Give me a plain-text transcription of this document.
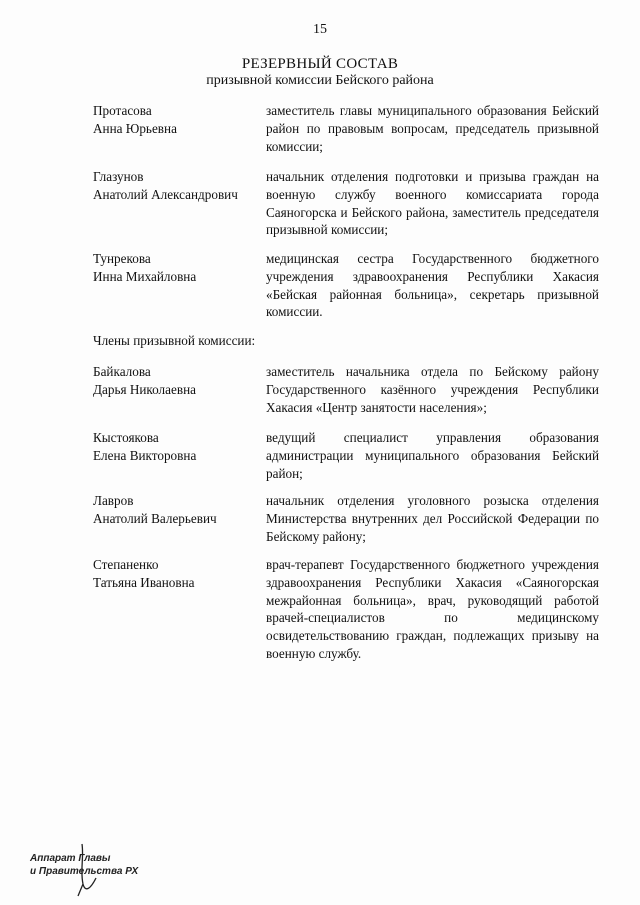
15
РЕЗЕРВНЫЙ СОСТАВ
призывной комиссии Бейского района
Протасова
Анна Юрьевна
заместитель главы муниципального образования Бейский район по правовым вопросам, председатель призывной комиссии;
Глазунов
Анатолий Александрович
начальник отделения подготовки и призыва граждан на военную службу военного комиссариата города Саяногорска и Бейского района, заместитель председателя призывной комиссии;
Тунрекова
Инна Михайловна
медицинская сестра Государственного бюджетного учреждения здравоохранения Республики Хакасия «Бейская районная больница», секретарь призывной комиссии.
Члены призывной комиссии:
Байкалова
Дарья Николаевна
заместитель начальника отдела по Бейскому району Государственного казённого учреждения Республики Хакасия «Центр занятости населения»;
Кыстоякова
Елена Викторовна
ведущий специалист управления образования администрации муниципального образования Бейский район;
Лавров
Анатолий Валерьевич
начальник отделения уголовного розыска отделения Министерства внутренних дел Российской Федерации по Бейскому району;
Степаненко
Татьяна Ивановна
врач-терапевт Государственного бюджетного учреждения здравоохранения Республики Хакасия «Саяногорская межрайонная больница», врач, руководящий работой врачей-специалистов по медицинскому освидетельствованию граждан, подлежащих призыву на военную службу.
Аппарат Главы
и Правительства РХ
